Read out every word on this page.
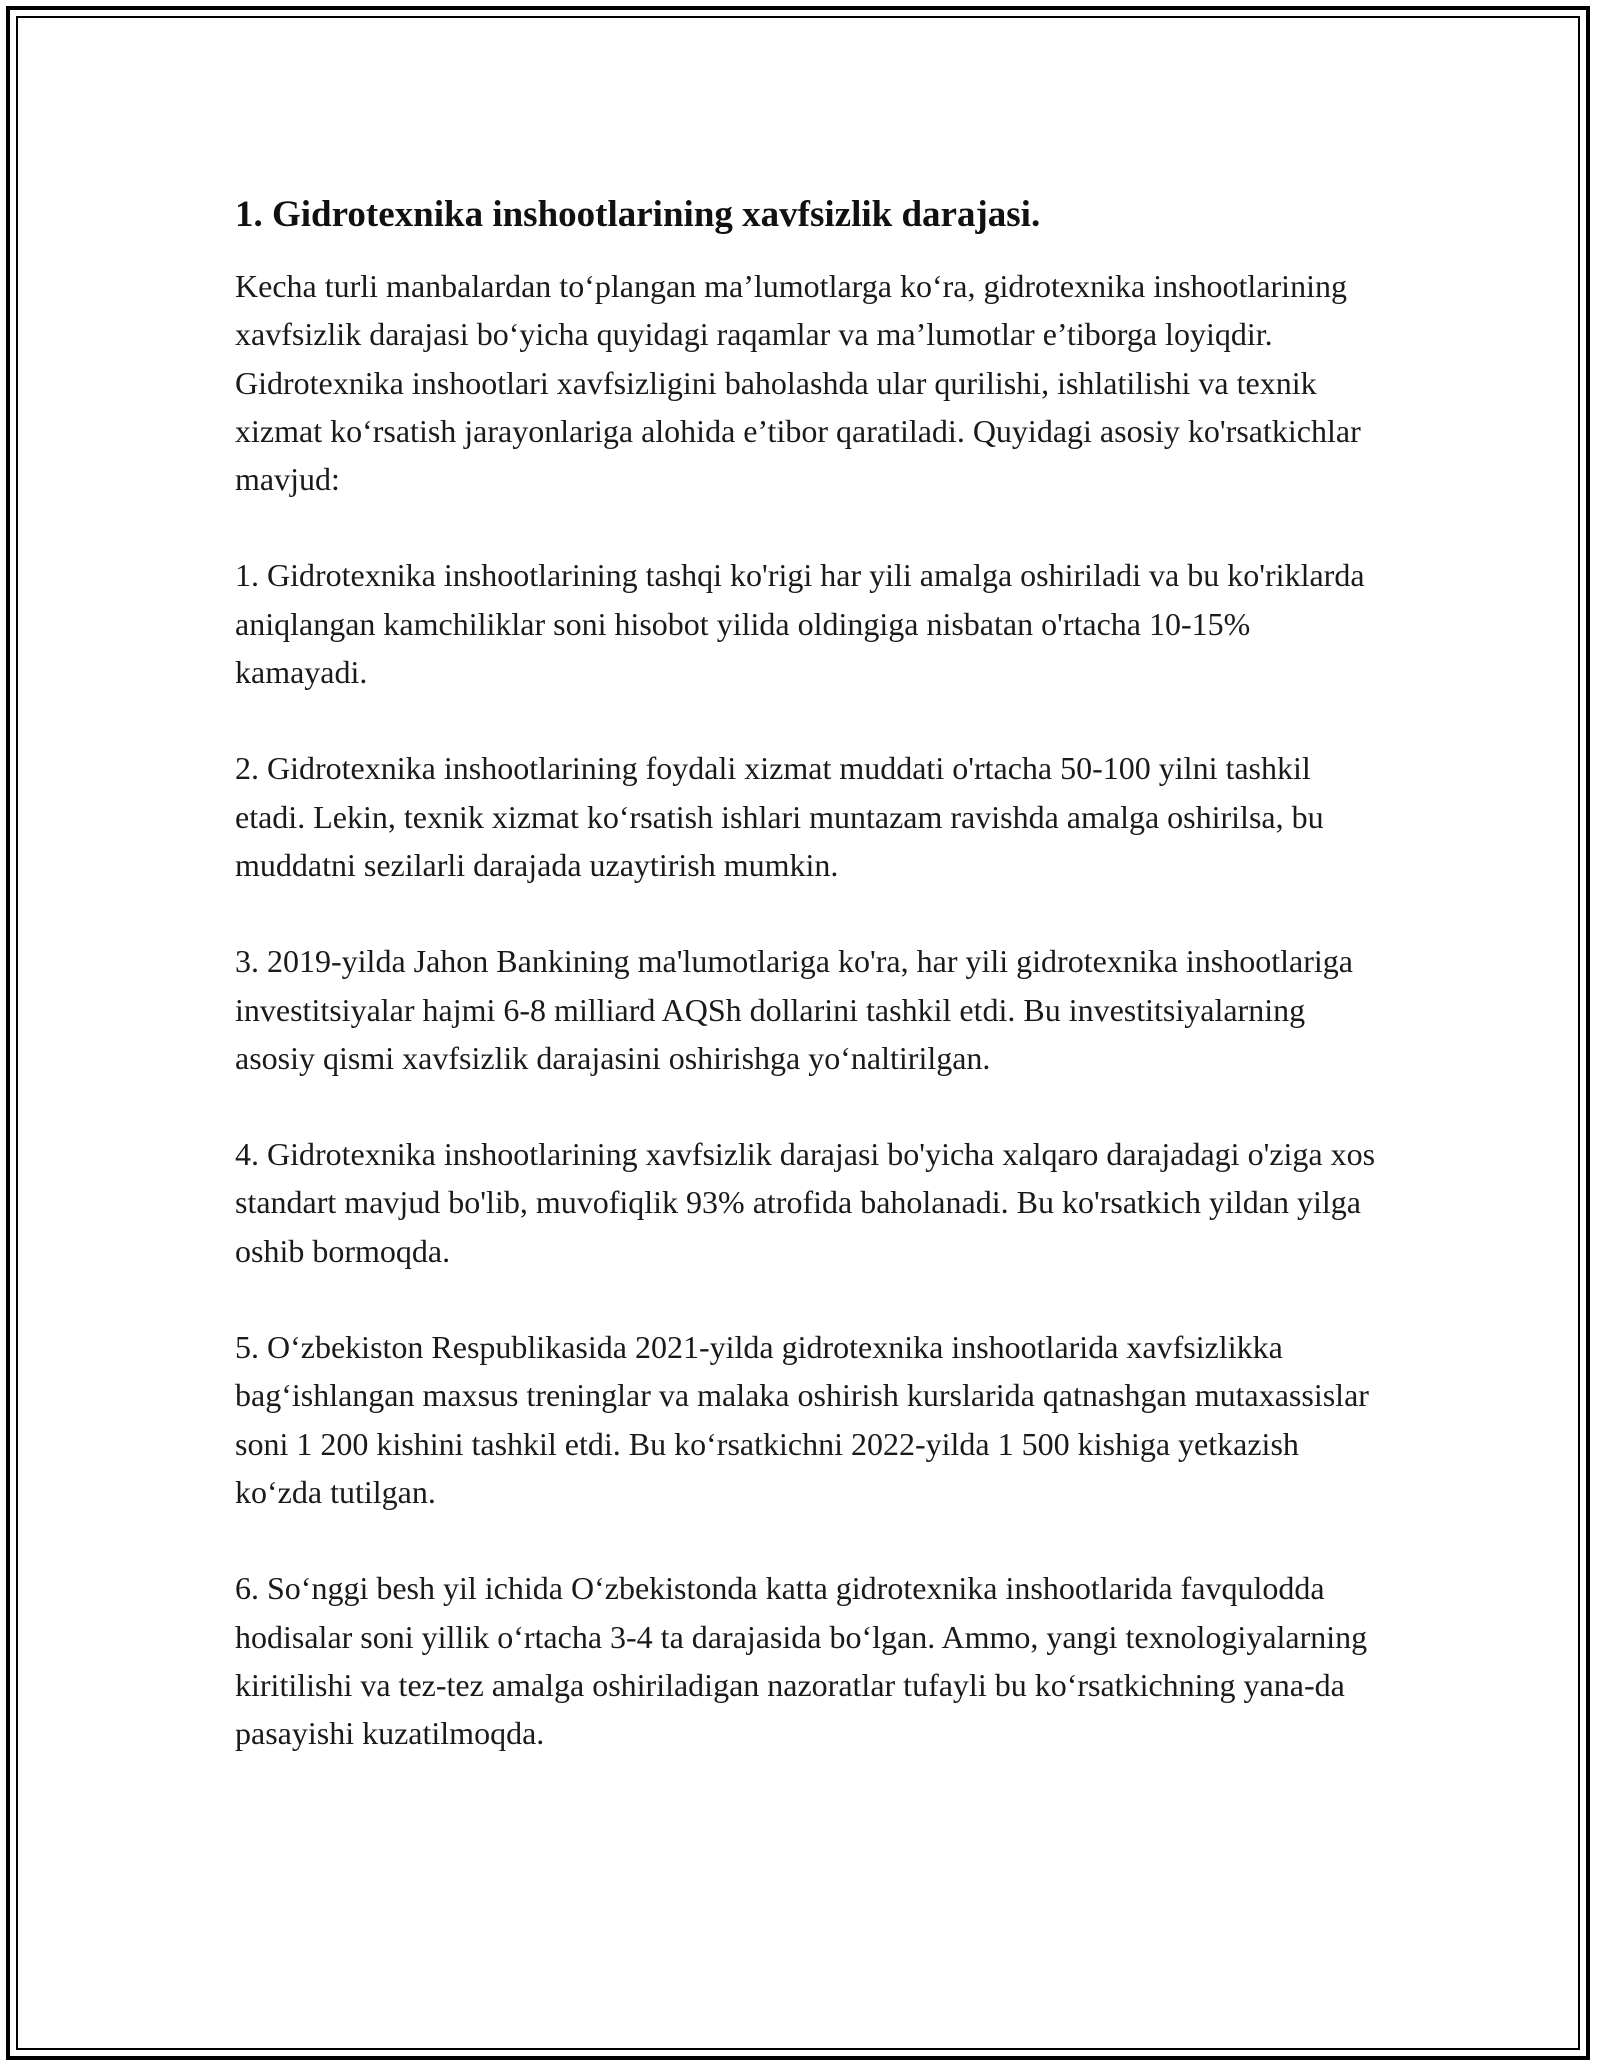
1. Gidrotexnika inshootlarining xavfsizlik darajasi.

Kecha turli manbalardan to‘plangan ma’lumotlarga ko‘ra, gidrotexnika inshootlarining xavfsizlik darajasi bo‘yicha quyidagi raqamlar va ma’lumotlar e’tiborga loyiqdir. Gidrotexnika inshootlari xavfsizligini baholashda ular qurilishi, ishlatilishi va texnik xizmat ko‘rsatish jarayonlariga alohida e’tibor qaratiladi. Quyidagi asosiy ko'rsatkichlar mavjud:

1. Gidrotexnika inshootlarining tashqi ko'rigi har yili amalga oshiriladi va bu ko'riklarda aniqlangan kamchiliklar soni hisobot yilida oldingiga nisbatan o'rtacha 10-15% kamayadi.

2. Gidrotexnika inshootlarining foydali xizmat muddati o'rtacha 50-100 yilni tashkil etadi. Lekin, texnik xizmat ko‘rsatish ishlari muntazam ravishda amalga oshirilsa, bu muddatni sezilarli darajada uzaytirish mumkin.

3. 2019-yilda Jahon Bankining ma'lumotlariga ko'ra, har yili gidrotexnika inshootlariga investitsiyalar hajmi 6-8 milliard AQSh dollarini tashkil etdi. Bu investitsiyalarning asosiy qismi xavfsizlik darajasini oshirishga yo‘naltirilgan.

4. Gidrotexnika inshootlarining xavfsizlik darajasi bo'yicha xalqaro darajadagi o'ziga xos standart mavjud bo'lib, muvofiqlik 93% atrofida baholanadi. Bu ko'rsatkich yildan yilga oshib bormoqda.

5. O‘zbekiston Respublikasida 2021-yilda gidrotexnika inshootlarida xavfsizlikka bag‘ishlangan maxsus treninglar va malaka oshirish kurslarida qatnashgan mutaxassislar soni 1 200 kishini tashkil etdi. Bu ko‘rsatkichni 2022-yilda 1 500 kishiga yetkazish ko‘zda tutilgan.

6. So‘nggi besh yil ichida O‘zbekistonda katta gidrotexnika inshootlarida favqulodda hodisalar soni yillik o‘rtacha 3-4 ta darajasida bo‘lgan. Ammo, yangi texnologiyalarning kiritilishi va tez-tez amalga oshiriladigan nazoratlar tufayli bu ko‘rsatkichning yana-da pasayishi kuzatilmoqda.
